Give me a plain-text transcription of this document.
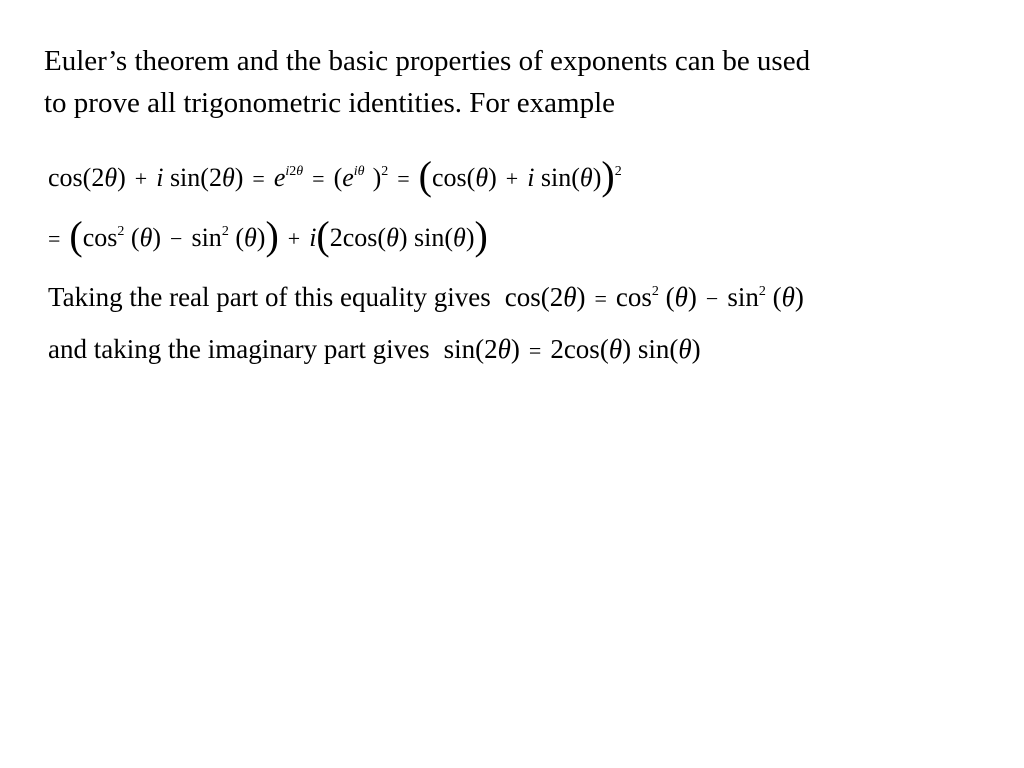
Euler’s theorem and the basic properties of exponents can be used
to prove all trigonometric identities. For example

cos(2θ) + i $\sin(2\theta) = e^{i2\theta} = (e^{i\theta}$ )$^2$ = (cos(θ) + i sin(θ))$^2$
= ($\cos^2$ $(\theta) - \sin^2 (\theta)) + i(2\cos(\theta)$ sin(θ))
Taking the real part of this equality gives $\cos(2\theta) = \cos^2 (\theta) - \sin^2 (\theta)$
and taking the imaginary part gives sin(2θ) = 2cos(θ) sin(θ)
